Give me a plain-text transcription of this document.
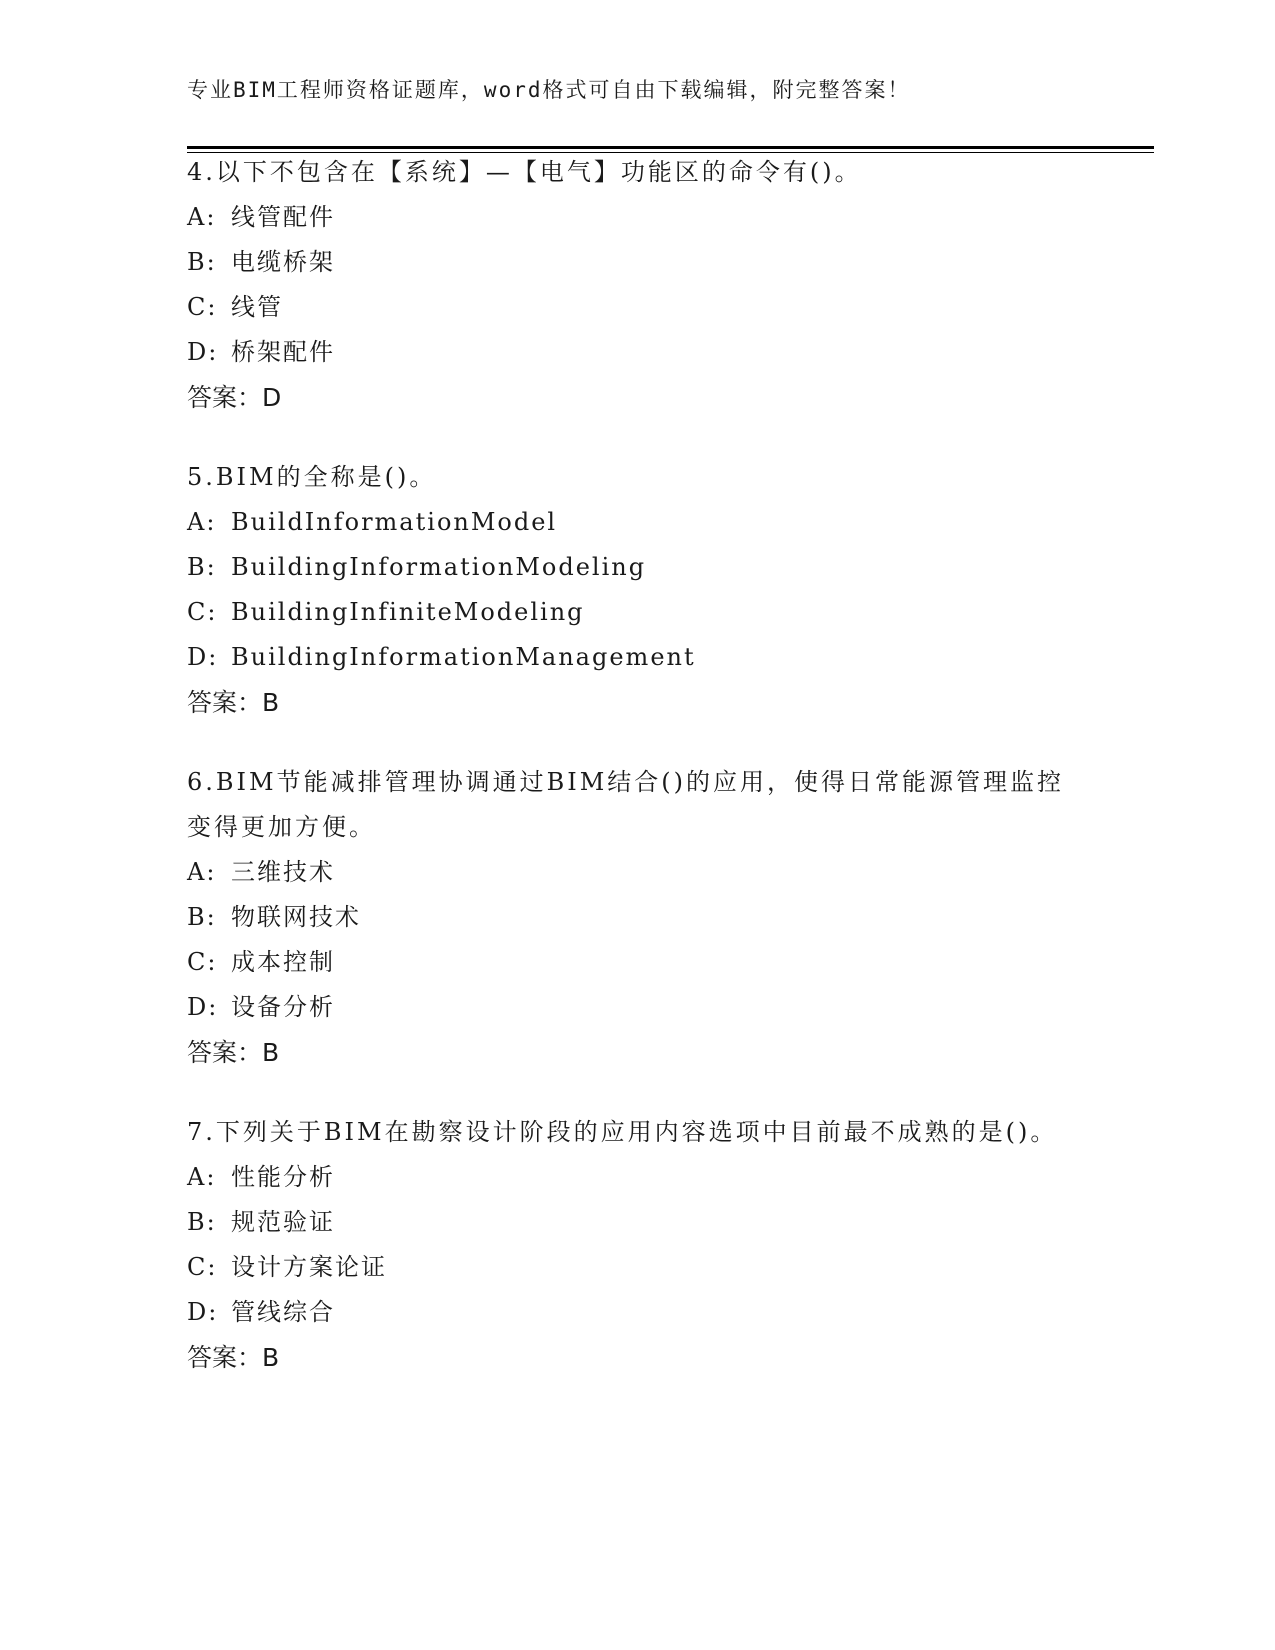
专业BIM工程师资格证题库，word格式可自由下载编辑，附完整答案！

4.以下不包含在【系统】—【电气】功能区的命令有()。

A: 线管配件

B: 电缆桥架

C: 线管

D: 桥架配件

答案：D

5.BIM的全称是()。

A: BuildInformationModel

B: BuildingInformationModeling

C: BuildingInfiniteModeling

D: BuildingInformationManagement

答案：B

6.BIM节能减排管理协调通过BIM结合()的应用，使得日常能源管理监控变得更加方便。

A: 三维技术

B: 物联网技术

C: 成本控制

D: 设备分析

答案：B

7.下列关于BIM在勘察设计阶段的应用内容选项中目前最不成熟的是()。

A: 性能分析

B: 规范验证

C: 设计方案论证

D: 管线综合

答案：B
